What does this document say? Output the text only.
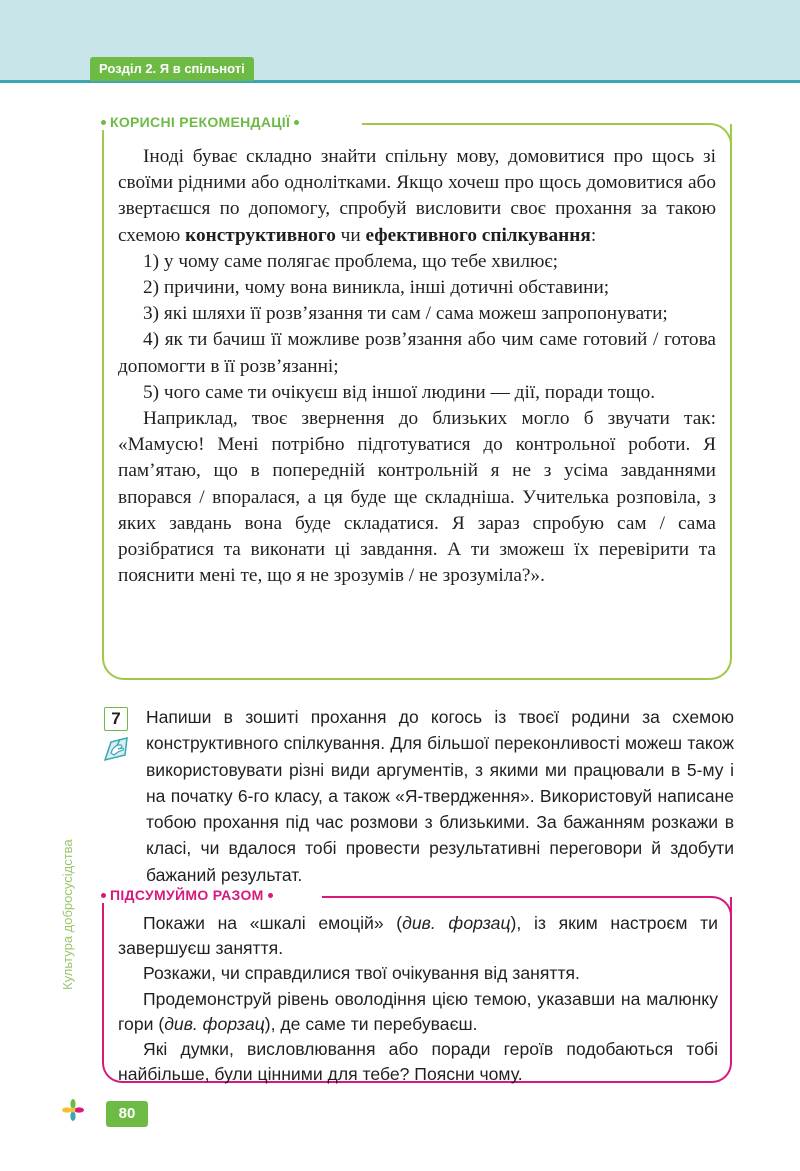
Розділ 2. Я в спільноті
КОРИСНІ РЕКОМЕНДАЦІЇ

Іноді буває складно знайти спільну мову, домовитися про щось зі своїми рідними або однолітками. Якщо хочеш про щось домовитися або звертаєшся по допомогу, спробуй висловити своє прохання за такою схемою конструктивного чи ефективного спілкування:

1) у чому саме полягає проблема, що тебе хвилює;

2) причини, чому вона виникла, інші дотичні обставини;

3) які шляхи її розв’язання ти сам / сама можеш запропонувати;

4) як ти бачиш її можливе розв’язання або чим саме готовий / готова допомогти в її розв’язанні;

5) чого саме ти очікуєш від іншої людини — дії, поради тощо.

Наприклад, твоє звернення до близьких могло б звучати так: «Мамусю! Мені потрібно підготуватися до контрольної роботи. Я пам’ятаю, що в попередній контрольній я не з усіма завданнями впорався / впоралася, а ця буде ще складніша. Учителька розповіла, з яких завдань вона буде складатися. Я зараз спробую сам / сама розібратися та виконати ці завдання. А ти зможеш їх перевірити та пояснити мені те, що я не зрозумів / не зрозуміла?».

7	Напиши в зошиті прохання до когось із твоєї родини за схемою конструктивного спілкування. Для більшої переконливості можеш також використовувати різні види аргументів, з якими ми працювали в 5-му і на початку 6-го класу, а також «Я-твердження». Використовуй написане тобою прохання під час розмови з близькими. За бажанням розкажи в класі, чи вдалося тобі провести результативні переговори й здобути бажаний результат.

ПІДСУМУЙМО РАЗОМ

Покажи на «шкалі емоцій» (див. форзац), із яким настроєм ти завершуєш заняття.

Розкажи, чи справдилися твої очікування від заняття.

Продемонструй рівень оволодіння цією темою, указавши на малюнку гори (див. форзац), де саме ти перебуваєш.

Які думки, висловлювання або поради героїв подобаються тобі найбільше, були цінними для тебе? Поясни чому.

Культура добросусідства
80
